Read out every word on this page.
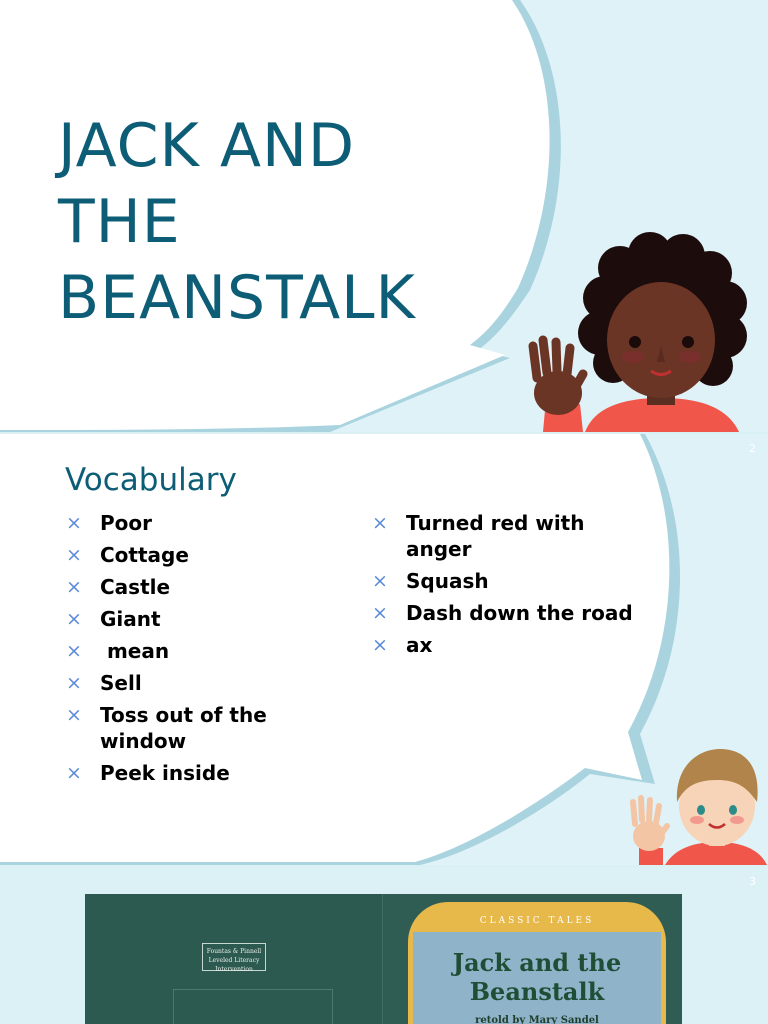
JACK AND
THE
BEANSTALK
2
Vocabulary
× Poor
× Cottage
× Castle
× Giant
× mean
× Sell
× Toss out of the window
× Peek inside
× Turned red with anger
× Squash
× Dash down the road
× ax
3
Fountas & Pinnell Leveled Literacy Intervention
CLASSIC TALES
Jack and the
Beanstalk
retold by Mary Sandel
